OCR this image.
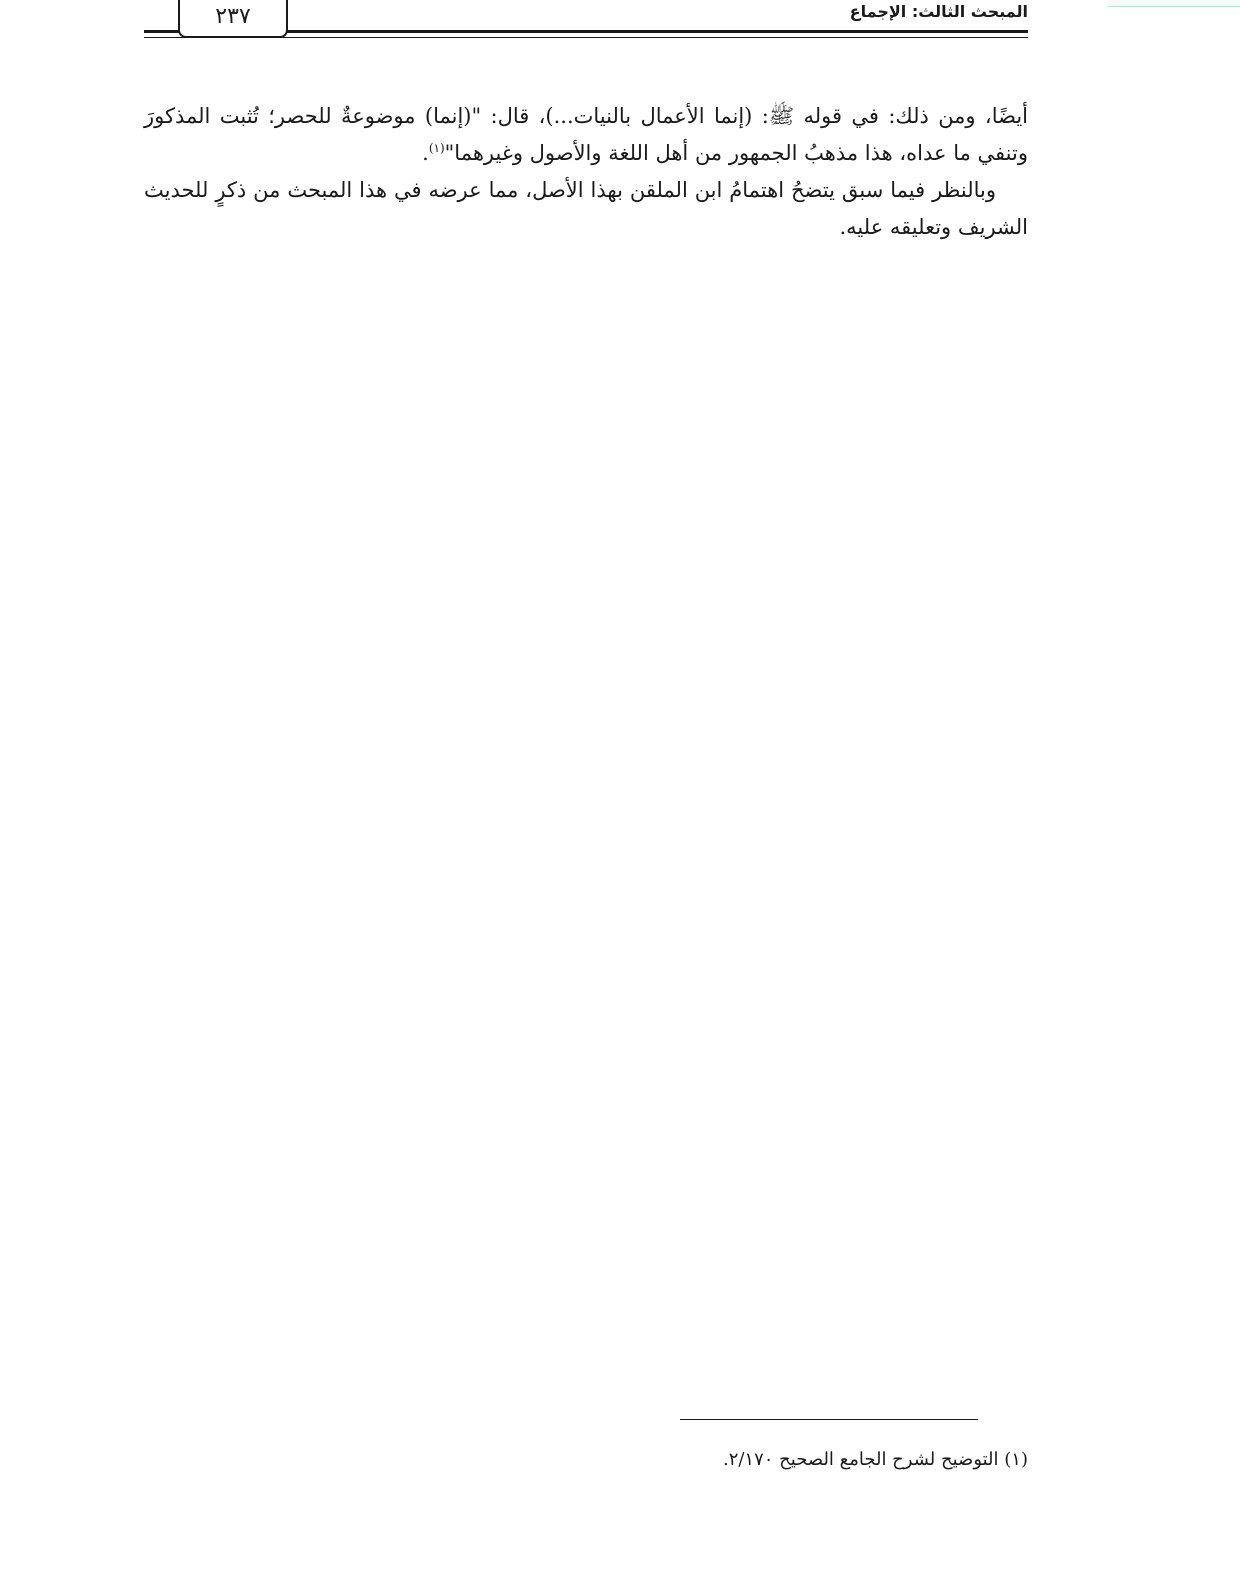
٢٣٧	المبحث الثالث: الإجماع

أيضًا، ومن ذلك: في قوله ﷺ: (إنما الأعمال بالنيات...)، قال: "(إنما) موضوعةٌ للحصر؛ تُثبت المذكورَ وتنفي ما عداه، هذا مذهبُ الجمهور من أهل اللغة والأصول وغيرهما"$^{(١)}$.

وبالنظر فيما سبق يتضحُ اهتمامُ ابن الملقن بهذا الأصل، مما عرضه في هذا المبحث من ذكرٍ للحديث الشريف وتعليقه عليه.

(١) التوضيح لشرح الجامع الصحيح ٢/١٧٠.
